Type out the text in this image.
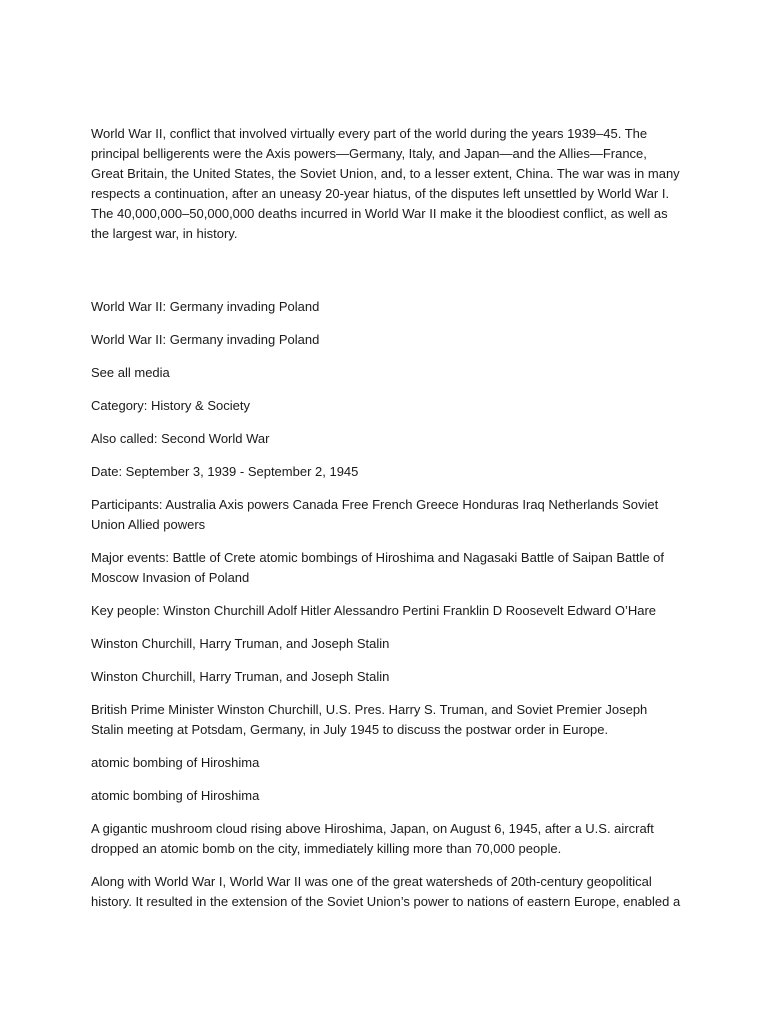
World War II, conflict that involved virtually every part of the world during the years 1939–45. The principal belligerents were the Axis powers—Germany, Italy, and Japan—and the Allies—France, Great Britain, the United States, the Soviet Union, and, to a lesser extent, China. The war was in many respects a continuation, after an uneasy 20-year hiatus, of the disputes left unsettled by World War I. The 40,000,000–50,000,000 deaths incurred in World War II make it the bloodiest conflict, as well as the largest war, in history.

World War II: Germany invading Poland

World War II: Germany invading Poland

See all media

Category: History & Society

Also called: Second World War

Date: September 3, 1939 - September 2, 1945

Participants: Australia Axis powers Canada Free French Greece Honduras Iraq Netherlands Soviet Union Allied powers

Major events: Battle of Crete atomic bombings of Hiroshima and Nagasaki Battle of Saipan Battle of Moscow Invasion of Poland

Key people: Winston Churchill Adolf Hitler Alessandro Pertini Franklin D Roosevelt Edward O’Hare

Winston Churchill, Harry Truman, and Joseph Stalin

Winston Churchill, Harry Truman, and Joseph Stalin

British Prime Minister Winston Churchill, U.S. Pres. Harry S. Truman, and Soviet Premier Joseph Stalin meeting at Potsdam, Germany, in July 1945 to discuss the postwar order in Europe.

atomic bombing of Hiroshima

atomic bombing of Hiroshima

A gigantic mushroom cloud rising above Hiroshima, Japan, on August 6, 1945, after a U.S. aircraft dropped an atomic bomb on the city, immediately killing more than 70,000 people.

Along with World War I, World War II was one of the great watersheds of 20th-century geopolitical history. It resulted in the extension of the Soviet Union’s power to nations of eastern Europe, enabled a
